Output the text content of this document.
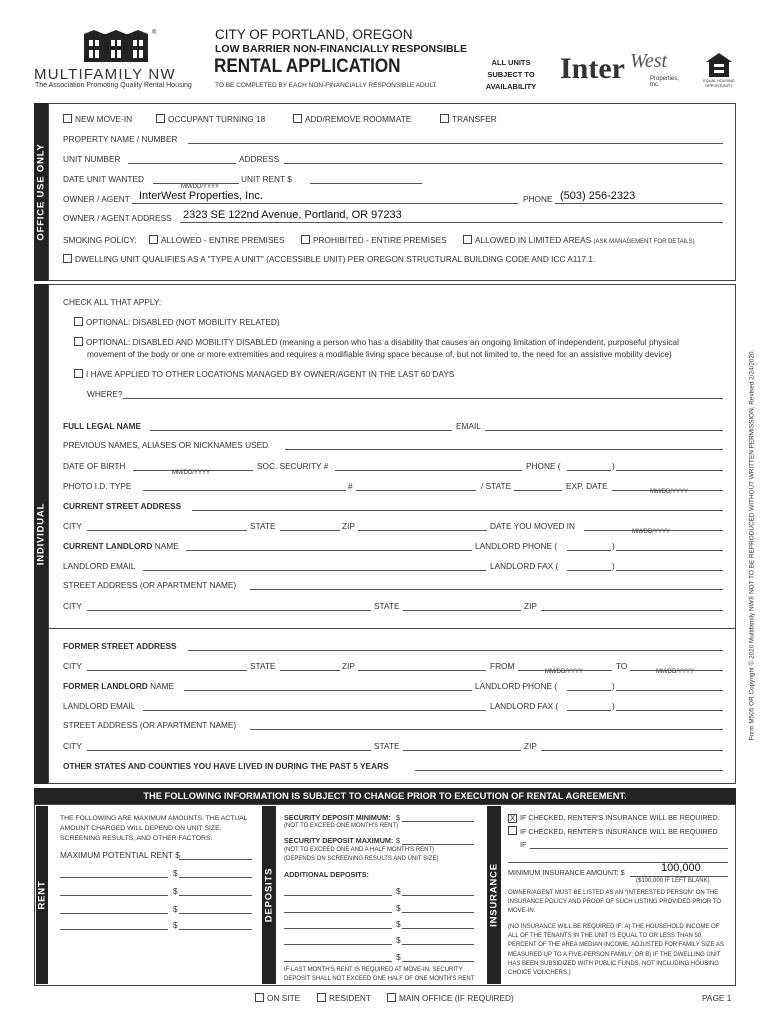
®
MULTIFAMILY NW
The Association Promoting Quality Rental Housing
CITY OF PORTLAND, OREGON
LOW BARRIER NON-FINANCIALLY RESPONSIBLE
RENTAL APPLICATION
TO BE COMPLETED BY EACH NON-FINANCIALLY RESPONSIBLE ADULT
ALL UNITS
SUBJECT TO
AVAILABILITY
Inter West
Properties, Inc.
EQUAL HOUSING OPPORTUNITY
OFFICE USE ONLY
NEW MOVE-IN	OCCUPANT TURNING 18	ADD/REMOVE ROOMMATE	TRANSFER
PROPERTY NAME / NUMBER
UNIT NUMBER	ADDRESS
DATE UNIT WANTED
MM/DD/YYYY
UNIT RENT $
OWNER / AGENT InterWest Properties, Inc.	PHONE (503) 256-2323
OWNER / AGENT ADDRESS 2323 SE 122nd Avenue, Portland, OR 97233
SMOKING POLICY:	ALLOWED - ENTIRE PREMISES	PROHIBITED - ENTIRE PREMISES	ALLOWED IN LIMITED AREAS (ASK MANAGEMENT FOR DETAILS)
DWELLING UNIT QUALIFIES AS A "TYPE A UNIT" (ACCESSIBLE UNIT) PER OREGON STRUCTURAL BUILDING CODE AND ICC A117.1.
INDIVIDUAL
CHECK ALL THAT APPLY:
OPTIONAL: DISABLED (NOT MOBILITY RELATED)
OPTIONAL: DISABLED AND MOBILITY DISABLED (meaning a person who has a disability that causes an ongoing limitation of independent, purposeful physical
movement of the body or one or more extremities and requires a modifiable living space because of, but not limited to, the need for an assistive mobility device)
I HAVE APPLIED TO OTHER LOCATIONS MANAGED BY OWNER/AGENT IN THE LAST 60 DAYS
WHERE?
FULL LEGAL NAME	EMAIL
PREVIOUS NAMES, ALIASES OR NICKNAMES USED
DATE OF BIRTH
MM/DD/YYYY
SOC. SECURITY #	PHONE (	)
PHOTO I.D. TYPE	#	/ STATE	EXP. DATE
MM/DD/YYYY
CURRENT STREET ADDRESS
CITY	STATE	ZIP	DATE YOU MOVED IN
MM/DD/YYYY
CURRENT LANDLORD NAME	LANDLORD PHONE (	)
LANDLORD EMAIL	LANDLORD FAX (	)
STREET ADDRESS (OR APARTMENT NAME)
CITY	STATE	ZIP
FORMER STREET ADDRESS
CITY	STATE	ZIP	FROM
MM/DD/YYYY
TO
MM/DD/YYYY
FORMER LANDLORD NAME	LANDLORD PHONE (	)
LANDLORD EMAIL	LANDLORD FAX (	)
STREET ADDRESS (OR APARTMENT NAME)
CITY	STATE	ZIP
OTHER STATES AND COUNTIES YOU HAVE LIVED IN DURING THE PAST 5 YEARS
Form M505 OR Copyright © 2020 Multifamily NW® NOT TO BE REPRODUCED WITHOUT WRITTEN PERMISSION. Revised 2/24/2020.
THE FOLLOWING INFORMATION IS SUBJECT TO CHANGE PRIOR TO EXECUTION OF RENTAL AGREEMENT.
RENT
THE FOLLOWING ARE MAXIMUM AMOUNTS. THE ACTUAL AMOUNT CHARGED WILL DEPEND ON UNIT SIZE, SCREENING RESULTS, AND OTHER FACTORS.
MAXIMUM POTENTIAL RENT $
$
$
$
$
DEPOSITS
SECURITY DEPOSIT MINIMUM: $
(NOT TO EXCEED ONE MONTH'S RENT)
SECURITY DEPOSIT MAXIMUM: $
(NOT TO EXCEED ONE AND A HALF MONTH'S RENT)
(DEPENDS ON SCREENING RESULTS AND UNIT SIZE)
ADDITIONAL DEPOSITS:
$
$
$
$
$
IF LAST MONTH'S RENT IS REQUIRED AT MOVE-IN, SECURITY DEPOSIT SHALL NOT EXCEED ONE HALF OF ONE MONTH'S RENT
INSURANCE
X IF CHECKED, RENTER'S INSURANCE WILL BE REQUIRED.
IF CHECKED, RENTER'S INSURANCE WILL BE REQUIRED
IF
MINIMUM INSURANCE AMOUNT: $	100,000
($100,000 IF LEFT BLANK)
OWNER/AGENT MUST BE LISTED AS AN "INTERESTED PERSON" ON THE INSURANCE POLICY AND PROOF OF SUCH LISTING PROVIDED PRIOR TO MOVE-IN.
(NO INSURANCE WILL BE REQUIRED IF: A) THE HOUSEHOLD INCOME OF ALL OF THE TENANTS IN THE UNIT IS EQUAL TO OR LESS THAN 50 PERCENT OF THE AREA MEDIAN INCOME, ADJUSTED FOR FAMILY SIZE AS MEASURED UP TO A FIVE-PERSON FAMILY; OR B) IF THE DWELLING UNIT HAS BEEN SUBSIDIZED WITH PUBLIC FUNDS, NOT INCLUDING HOUSING CHOICE VOUCHERS.)
ON SITE	RESIDENT	MAIN OFFICE (IF REQUIRED)	PAGE 1
